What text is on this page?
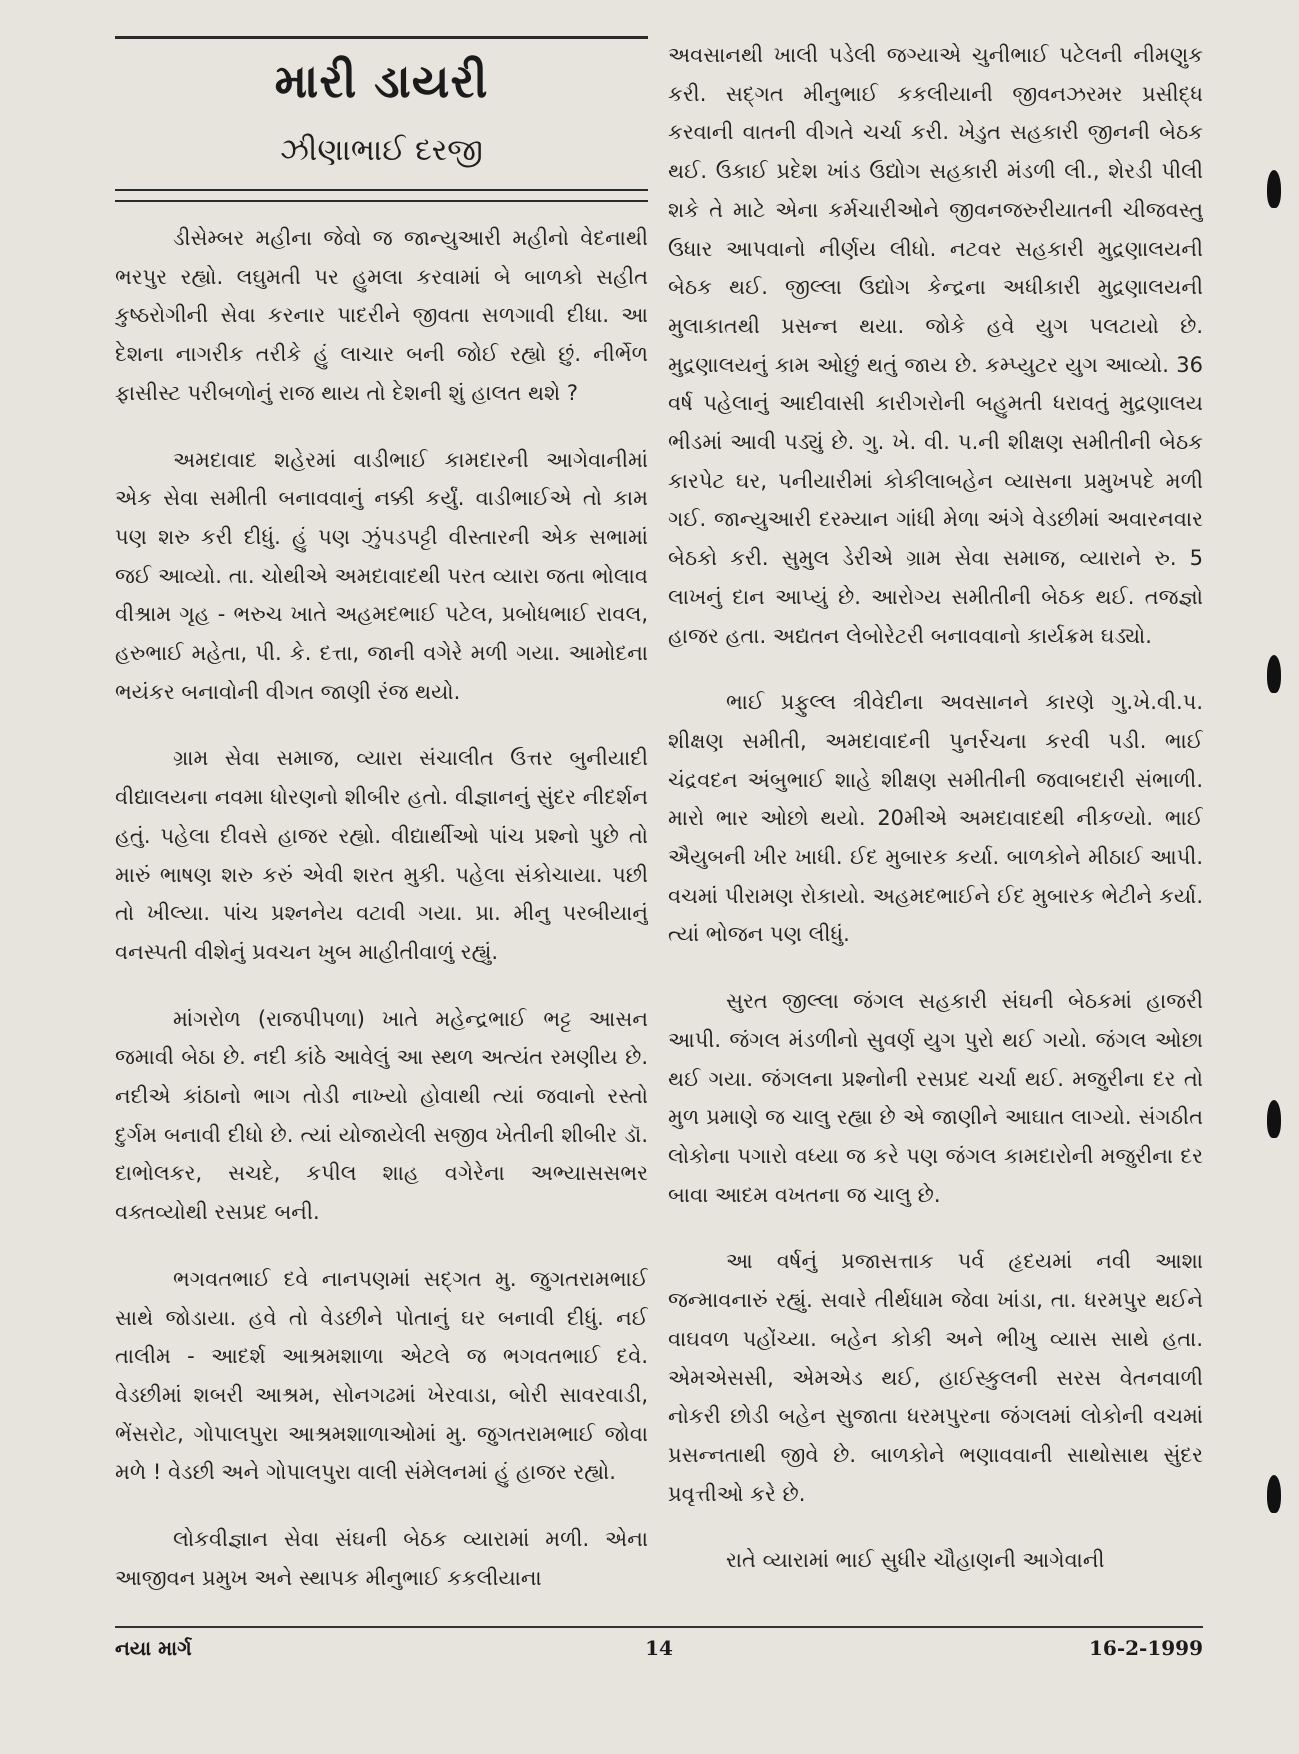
મારી ડાયરી
ઝીણાભાઈ દરજી

ડીસેમ્બર મહીના જેવો જ જાન્યુઆરી મહીનો વેદનાથી ભરપુર રહ્યો. લઘુમતી પર હુમલા કરવામાં બે બાળકો સહીત કુષ્ઠરોગીની સેવા કરનાર પાદરીને જીવતા સળગાવી દીધા. આ દેશના નાગરીક તરીકે હું લાચાર બની જોઈ રહ્યો છું. નીર્ભેળ ફાસીસ્ટ પરીબળોનું રાજ થાય તો દેશની શું હાલત થશે ?

અમદાવાદ શહેરમાં વાડીભાઈ કામદારની આગેવાનીમાં એક સેવા સમીતી બનાવવાનું નક્કી કર્યું. વાડીભાઈએ તો કામ પણ શરુ કરી દીધું. હું પણ ઝુંપડપટ્ટી વીસ્તારની એક સભામાં જઈ આવ્યો. તા. ચોથીએ અમદાવાદથી પરત વ્યારા જતા ભોલાવ વીશ્રામ ગૃહ - ભરુચ ખાતે અહમદભાઈ પટેલ, પ્રબોધભાઈ રાવલ, હરુભાઈ મહેતા, પી. કે. દત્તા, જાની વગેરે મળી ગયા. આમોદના ભયંકર બનાવોની વીગત જાણી રંજ થયો.

ગ્રામ સેવા સમાજ, વ્યારા સંચાલીત ઉત્તર બુનીયાદી વીદ્યાલયના નવમા ધોરણનો શીબીર હતો. વીજ્ઞાનનું સુંદર નીદર્શન હતું. પહેલા દીવસે હાજર રહ્યો. વીદ્યાર્થીઓ પાંચ પ્રશ્નો પુછે તો મારું ભાષણ શરુ કરું એવી શરત મુકી. પહેલા સંકોચાયા. પછી તો ખીલ્યા. પાંચ પ્રશ્નનેય વટાવી ગયા. પ્રા. મીનુ પરબીયાનું વનસ્પતી વીશેનું પ્રવચન ખુબ માહીતીવાળું રહ્યું.

માંગરોળ (રાજપીપળા) ખાતે મહેન્દ્રભાઈ ભટ્ટ આસન જમાવી બેઠા છે. નદી કાંઠે આવેલું આ સ્થળ અત્યંત રમણીય છે. નદીએ કાંઠાનો ભાગ તોડી નાખ્યો હોવાથી ત્યાં જવાનો રસ્તો દુર્ગમ બનાવી દીધો છે. ત્યાં યોજાયેલી સજીવ ખેતીની શીબીર ડૉ. દાભોલકર, સચદે, કપીલ શાહ વગેરેના અભ્યાસસભર વક્તવ્યોથી રસપ્રદ બની.

ભગવતભાઈ દવે નાનપણમાં સદ્ગત મુ. જુગતરામભાઈ સાથે જોડાયા. હવે તો વેડછીને પોતાનું ઘર બનાવી દીધું. નઈ તાલીમ - આદર્શ આશ્રમશાળા એટલે જ ભગવતભાઈ દવે. વેડછીમાં શબરી આશ્રમ, સોનગઢમાં ખેરવાડા, બોરી સાવરવાડી, ભેંસરોટ, ગોપાલપુરા આશ્રમશાળાઓમાં મુ. જુગતરામભાઈ જોવા મળે ! વેડછી અને ગોપાલપુરા વાલી સંમેલનમાં હું હાજર રહ્યો.

લોકવીજ્ઞાન સેવા સંઘની બેઠક વ્યારામાં મળી. એના આજીવન પ્રમુખ અને સ્થાપક મીનુભાઈ કકલીયાના

અવસાનથી ખાલી પડેલી જગ્યાએ ચુનીભાઈ પટેલની નીમણુક કરી. સદ્ગત મીનુભાઈ કકલીયાની જીવનઝરમર પ્રસીદ્ધ કરવાની વાતની વીગતે ચર્ચા કરી. ખેડુત સહકારી જીનની બેઠક થઈ. ઉકાઈ પ્રદેશ ખાંડ ઉદ્યોગ સહકારી મંડળી લી., શેરડી પીલી શકે તે માટે એના કર્મચારીઓને જીવનજરુરીયાતની ચીજવસ્તુ ઉધાર આપવાનો નીર્ણય લીધો. નટવર સહકારી મુદ્રણાલયની બેઠક થઈ. જીલ્લા ઉદ્યોગ કેન્દ્રના અધીકારી મુદ્રણાલયની મુલાકાતથી પ્રસન્ન થયા. જોકે હવે યુગ પલટાયો છે. મુદ્રણાલયનું કામ ઓછું થતું જાય છે. કમ્પ્યુટર યુગ આવ્યો. 36 વર્ષ પહેલાનું આદીવાસી કારીગરોની બહુમતી ધરાવતું મુદ્રણાલય ભીડમાં આવી પડ્યું છે. ગુ. ખે. વી. પ.ની શીક્ષણ સમીતીની બેઠક કારપેટ ઘર, પનીયારીમાં કોકીલાબહેન વ્યાસના પ્રમુખપદે મળી ગઈ. જાન્યુઆરી દરમ્યાન ગાંધી મેળા અંગે વેડછીમાં અવારનવાર બેઠકો કરી. સુમુલ ડેરીએ ગ્રામ સેવા સમાજ, વ્યારાને રુ. 5 લાખનું દાન આપ્યું છે. આરોગ્ય સમીતીની બેઠક થઈ. તજજ્ઞો હાજર હતા. અદ્યતન લેબોરેટરી બનાવવાનો કાર્યક્રમ ઘડ્યો.

ભાઈ પ્રફુલ્લ ત્રીવેદીના અવસાનને કારણે ગુ.ખે.વી.પ. શીક્ષણ સમીતી, અમદાવાદની પુનર્રચના કરવી પડી. ભાઈ ચંદ્રવદન અંબુભાઈ શાહે શીક્ષણ સમીતીની જવાબદારી સંભાળી. મારો ભાર ઓછો થયો. 20મીએ અમદાવાદથી નીકળ્યો. ભાઈ ઐયુબની ખીર ખાધી. ઈદ મુબારક કર્યા. બાળકોને મીઠાઈ આપી. વચમાં પીરામણ રોકાયો. અહમદભાઈને ઈદ મુબારક ભેટીને કર્યા. ત્યાં ભોજન પણ લીધું.

સુરત જીલ્લા જંગલ સહકારી સંઘની બેઠકમાં હાજરી આપી. જંગલ મંડળીનો સુવર્ણ યુગ પુરો થઈ ગયો. જંગલ ઓછા થઈ ગયા. જંગલના પ્રશ્નોની રસપ્રદ ચર્ચા થઈ. મજુરીના દર તો મુળ પ્રમાણે જ ચાલુ રહ્યા છે એ જાણીને આઘાત લાગ્યો. સંગઠીત લોકોના પગારો વધ્યા જ કરે પણ જંગલ કામદારોની મજુરીના દર બાવા આદમ વખતના જ ચાલુ છે.

આ વર્ષનું પ્રજાસત્તાક પર્વ હૃદયમાં નવી આશા જન્માવનારું રહ્યું. સવારે તીર્થધામ જેવા ખાંડા, તા. ધરમપુર થઈને વાઘવળ પહોંચ્યા. બહેન કોકી અને ભીખુ વ્યાસ સાથે હતા. એમએસસી, એમએડ થઈ, હાઈસ્કુલની સરસ વેતનવાળી નોકરી છોડી બહેન સુજાતા ધરમપુરના જંગલમાં લોકોની વચમાં પ્રસન્નતાથી જીવે છે. બાળકોને ભણાવવાની સાથોસાથ સુંદર પ્રવૃત્તીઓ કરે છે.

રાતે વ્યારામાં ભાઈ સુધીર ચૌહાણની આગેવાની

નયા માર્ગ	14	16-2-1999
